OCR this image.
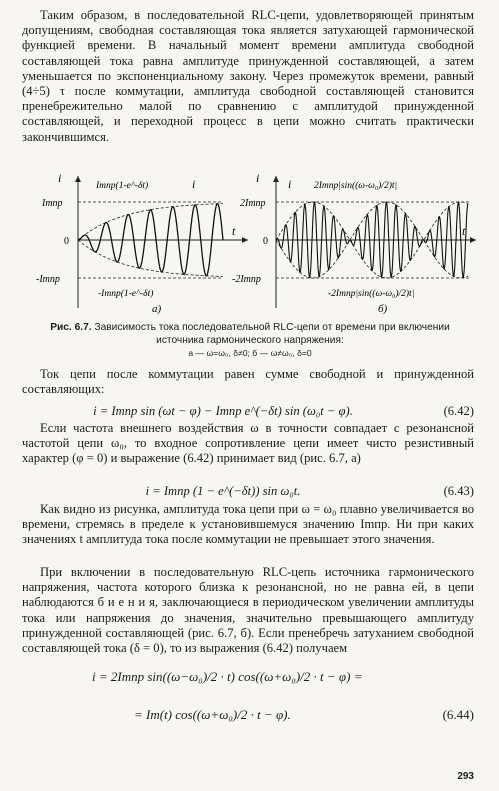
Таким образом, в последовательной RLC-цепи, удовлетворяющей принятым допущениям, свободная составляющая тока является затухающей гармонической функцией времени. В начальный момент времени амплитуда свободной составляющей тока равна амплитуде принужденной составляющей, а затем уменьшается по экспоненциальному закону. Через промежуток времени, равный (4÷5) τ после коммутации, амплитуда свободной составляющей становится пренебрежительно малой по сравнению с амплитудой принужденной составляющей, и переходной процесс в цепи можно считать практически закончившимся.

i
t
Imпр
0
-Imпр
Imпр(1-e^-δt)	i
-Imпр(1-e^-δt)
а)
i
t
2Imпр
0
-2Imпр
i 2Imпр|sin((ω-ω₀)/2)t|
-2Imпр|sin((ω-ω₀)/2)t|
б)
Рис. 6.7. Зависимость тока последовательной RLC-цепи от времени при включении источника гармонического напряжения:
а — ω=ω₀, δ≠0; б — ω≠ω₀, δ=0

Ток цепи после коммутации равен сумме свободной и принужденной составляющих:

i = Imпр sin (ωt − φ) − Imпр e^(−δt) sin (ω₀t − φ).	(6.42)

Если частота внешнего воздействия ω в точности совпадает с резонансной частотой цепи ω₀, то входное сопротивление цепи имеет чисто резистивный характер (φ = 0) и выражение (6.42) принимает вид (рис. 6.7, а)

i = Imпр (1 − e^(−δt)) sin ω₀t.	(6.43)

Как видно из рисунка, амплитуда тока цепи при ω = ω₀ плавно увеличивается во времени, стремясь в пределе к установившемуся значению Imпр. Ни при каких значениях t амплитуда тока после коммутации не превышает этого значения.

При включении в последовательную RLC-цепь источника гармонического напряжения, частота которого близка к резонансной, но не равна ей, в цепи наблюдаются б и е н и я, заключающиеся в периодическом увеличении амплитуды тока или напряжения до значения, значительно превышающего амплитуду принужденной составляющей (рис. 6.7, б). Если пренебречь затуханием свободной составляющей тока (δ = 0), то из выражения (6.42) получаем

i = 2Imпр sin((ω−ω₀)/2 · t) cos((ω+ω₀)/2 · t − φ) =
= Im(t) cos((ω+ω₀)/2 · t − φ).	(6.44)
293
